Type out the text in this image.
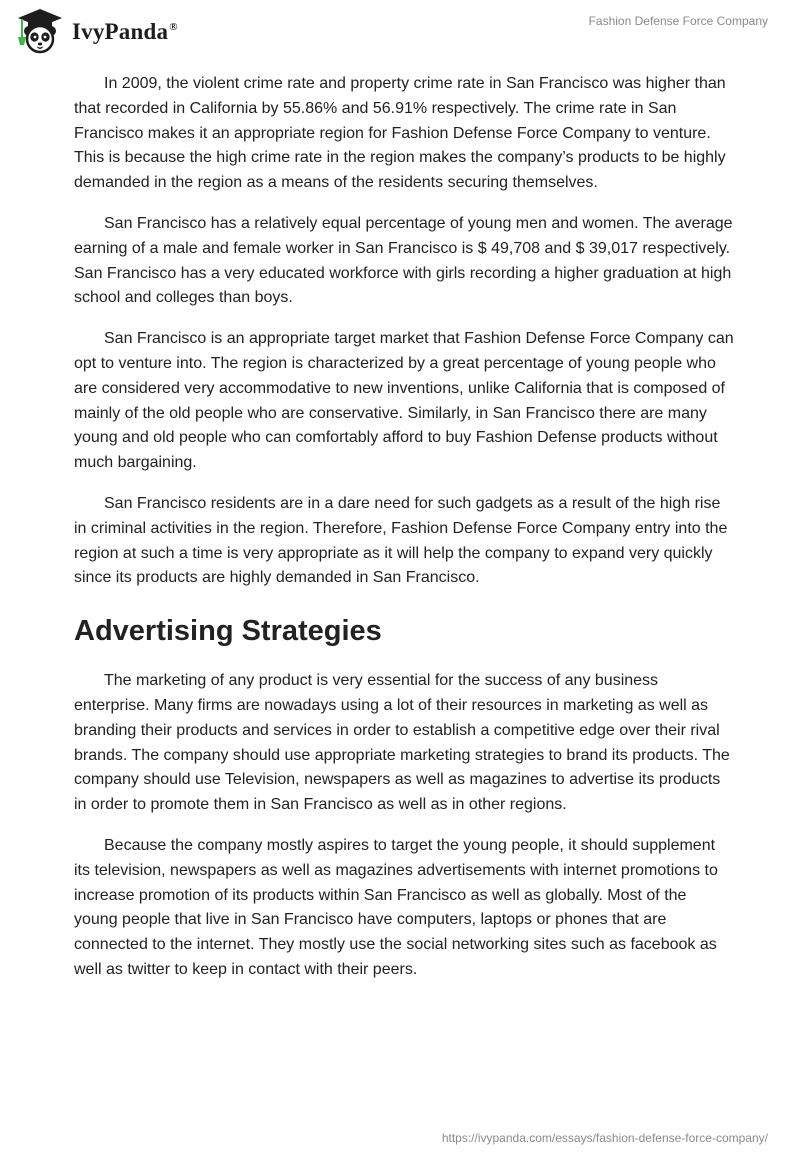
IvyPanda®	Fashion Defense Force Company

In 2009, the violent crime rate and property crime rate in San Francisco was higher than that recorded in California by 55.86% and 56.91% respectively. The crime rate in San Francisco makes it an appropriate region for Fashion Defense Force Company to venture. This is because the high crime rate in the region makes the company’s products to be highly demanded in the region as a means of the residents securing themselves.

San Francisco has a relatively equal percentage of young men and women. The average earning of a male and female worker in San Francisco is $ 49,708 and $ 39,017 respectively. San Francisco has a very educated workforce with girls recording a higher graduation at high school and colleges than boys.

San Francisco is an appropriate target market that Fashion Defense Force Company can opt to venture into. The region is characterized by a great percentage of young people who are considered very accommodative to new inventions, unlike California that is composed of mainly of the old people who are conservative. Similarly, in San Francisco there are many young and old people who can comfortably afford to buy Fashion Defense products without much bargaining.

San Francisco residents are in a dare need for such gadgets as a result of the high rise in criminal activities in the region. Therefore, Fashion Defense Force Company entry into the region at such a time is very appropriate as it will help the company to expand very quickly since its products are highly demanded in San Francisco.

Advertising Strategies

The marketing of any product is very essential for the success of any business enterprise. Many firms are nowadays using a lot of their resources in marketing as well as branding their products and services in order to establish a competitive edge over their rival brands. The company should use appropriate marketing strategies to brand its products. The company should use Television, newspapers as well as magazines to advertise its products in order to promote them in San Francisco as well as in other regions.

Because the company mostly aspires to target the young people, it should supplement its television, newspapers as well as magazines advertisements with internet promotions to increase promotion of its products within San Francisco as well as globally. Most of the young people that live in San Francisco have computers, laptops or phones that are connected to the internet. They mostly use the social networking sites such as facebook as well as twitter to keep in contact with their peers.

https://ivypanda.com/essays/fashion-defense-force-company/
